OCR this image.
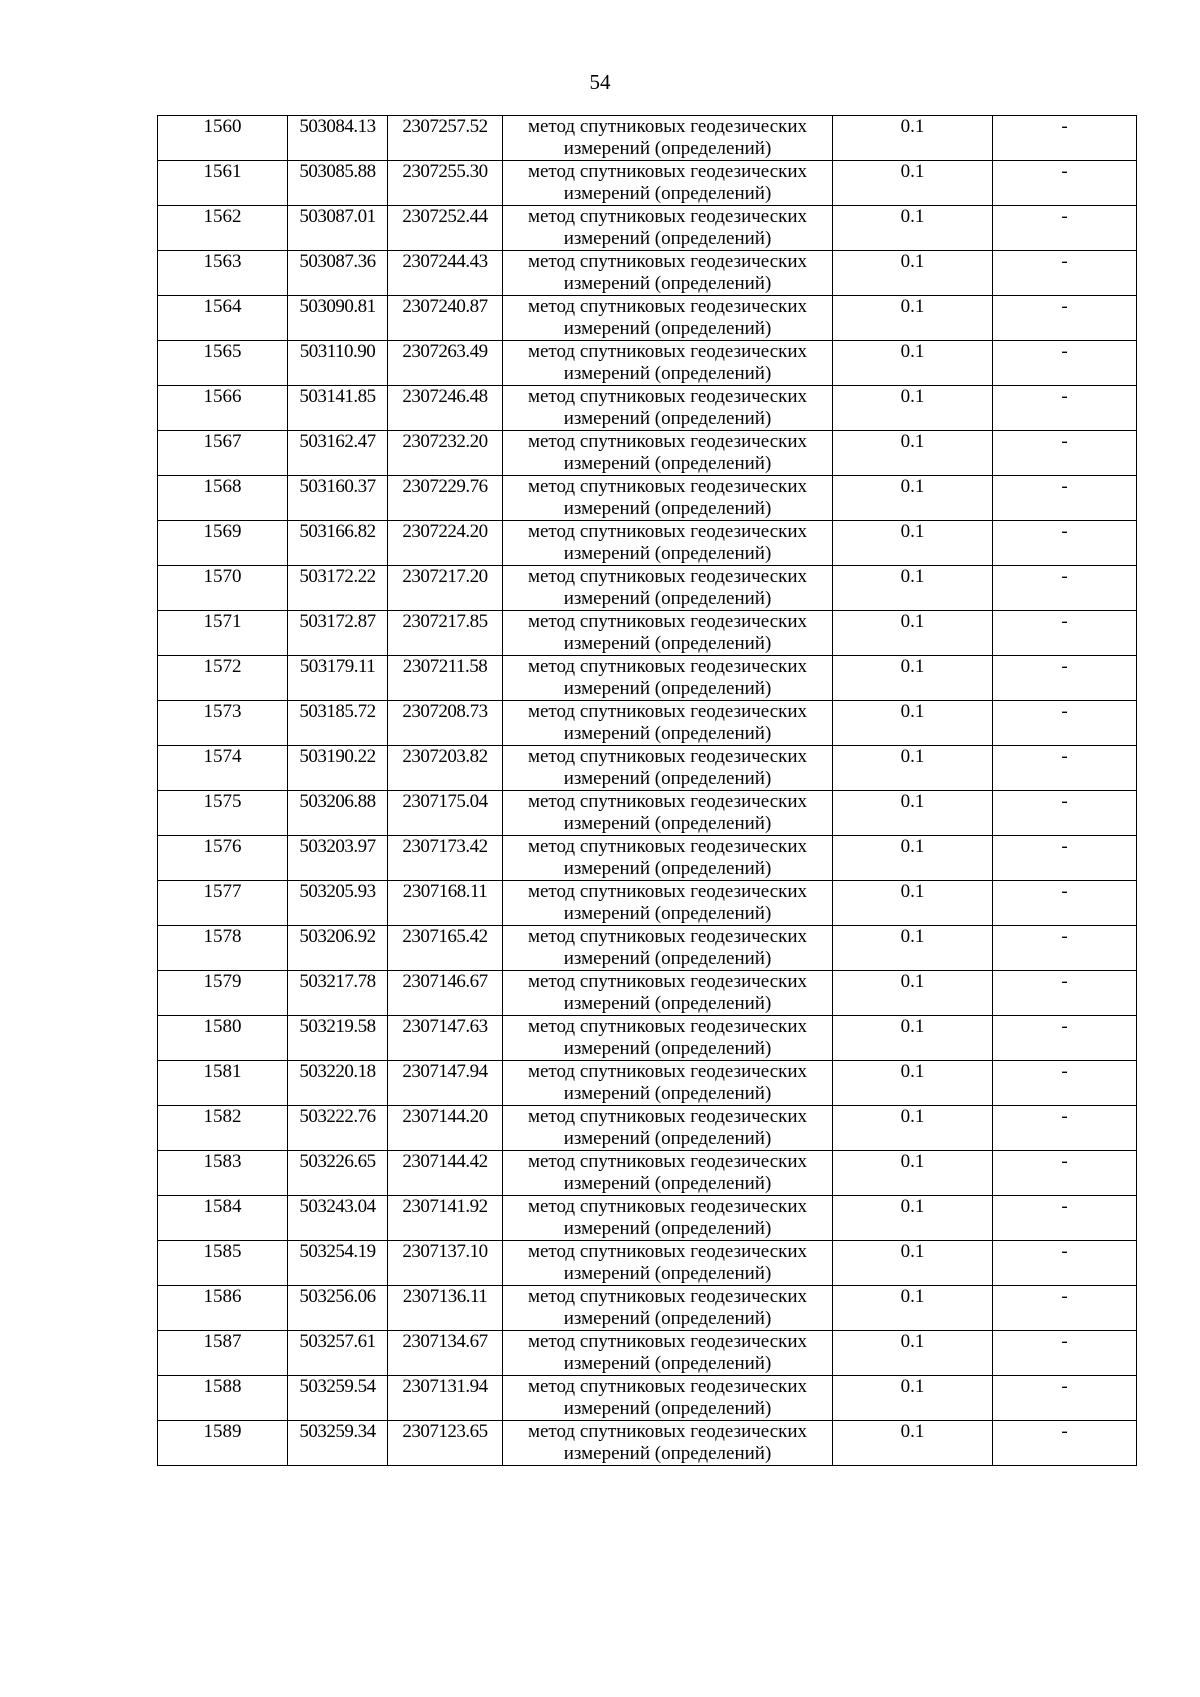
54
1560	503084.13	2307257.52	метод спутниковых геодезических измерений (определений)	0.1	-
1561	503085.88	2307255.30	метод спутниковых геодезических измерений (определений)	0.1	-
1562	503087.01	2307252.44	метод спутниковых геодезических измерений (определений)	0.1	-
1563	503087.36	2307244.43	метод спутниковых геодезических измерений (определений)	0.1	-
1564	503090.81	2307240.87	метод спутниковых геодезических измерений (определений)	0.1	-
1565	503110.90	2307263.49	метод спутниковых геодезических измерений (определений)	0.1	-
1566	503141.85	2307246.48	метод спутниковых геодезических измерений (определений)	0.1	-
1567	503162.47	2307232.20	метод спутниковых геодезических измерений (определений)	0.1	-
1568	503160.37	2307229.76	метод спутниковых геодезических измерений (определений)	0.1	-
1569	503166.82	2307224.20	метод спутниковых геодезических измерений (определений)	0.1	-
1570	503172.22	2307217.20	метод спутниковых геодезических измерений (определений)	0.1	-
1571	503172.87	2307217.85	метод спутниковых геодезических измерений (определений)	0.1	-
1572	503179.11	2307211.58	метод спутниковых геодезических измерений (определений)	0.1	-
1573	503185.72	2307208.73	метод спутниковых геодезических измерений (определений)	0.1	-
1574	503190.22	2307203.82	метод спутниковых геодезических измерений (определений)	0.1	-
1575	503206.88	2307175.04	метод спутниковых геодезических измерений (определений)	0.1	-
1576	503203.97	2307173.42	метод спутниковых геодезических измерений (определений)	0.1	-
1577	503205.93	2307168.11	метод спутниковых геодезических измерений (определений)	0.1	-
1578	503206.92	2307165.42	метод спутниковых геодезических измерений (определений)	0.1	-
1579	503217.78	2307146.67	метод спутниковых геодезических измерений (определений)	0.1	-
1580	503219.58	2307147.63	метод спутниковых геодезических измерений (определений)	0.1	-
1581	503220.18	2307147.94	метод спутниковых геодезических измерений (определений)	0.1	-
1582	503222.76	2307144.20	метод спутниковых геодезических измерений (определений)	0.1	-
1583	503226.65	2307144.42	метод спутниковых геодезических измерений (определений)	0.1	-
1584	503243.04	2307141.92	метод спутниковых геодезических измерений (определений)	0.1	-
1585	503254.19	2307137.10	метод спутниковых геодезических измерений (определений)	0.1	-
1586	503256.06	2307136.11	метод спутниковых геодезических измерений (определений)	0.1	-
1587	503257.61	2307134.67	метод спутниковых геодезических измерений (определений)	0.1	-
1588	503259.54	2307131.94	метод спутниковых геодезических измерений (определений)	0.1	-
1589	503259.34	2307123.65	метод спутниковых геодезических измерений (определений)	0.1	-
